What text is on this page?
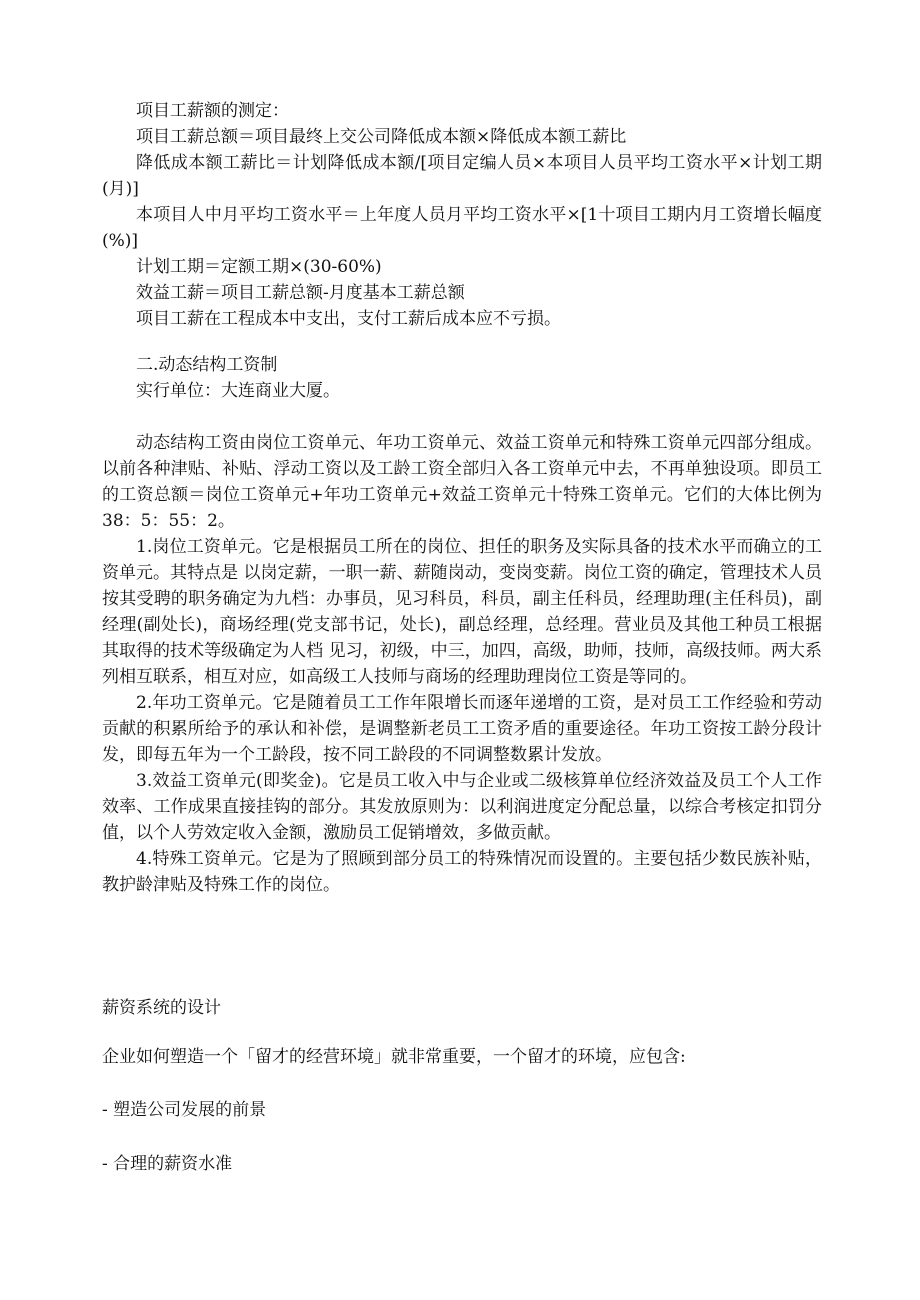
项目工薪额的测定：

项目工薪总额＝项目最终上交公司降低成本额×降低成本额工薪比

降低成本额工薪比＝计划降低成本额/[项目定编人员×本项目人员平均工资水平×计划工期(月)]

本项目人中月平均工资水平＝上年度人员月平均工资水平×[1十项目工期内月工资增长幅度(%)]

计划工期＝定额工期×(30-60%)

效益工薪＝项目工薪总额-月度基本工薪总额

项目工薪在工程成本中支出，支付工薪后成本应不亏损。

二.动态结构工资制

实行单位：大连商业大厦。

动态结构工资由岗位工资单元、年功工资单元、效益工资单元和特殊工资单元四部分组成。以前各种津贴、补贴、浮动工资以及工龄工资全部归入各工资单元中去，不再单独设项。即员工的工资总额＝岗位工资单元+年功工资单元+效益工资单元十特殊工资单元。它们的大体比例为 38：5：55：2。

1.岗位工资单元。它是根据员工所在的岗位、担任的职务及实际具备的技术水平而确立的工资单元。其特点是 以岗定薪，一职一薪、薪随岗动，变岗变薪。岗位工资的确定，管理技术人员按其受聘的职务确定为九档：办事员，见习科员，科员，副主任科员，经理助理(主任科员)，副经理(副处长)，商场经理(党支部书记，处长)，副总经理，总经理。营业员及其他工种员工根据其取得的技术等级确定为人档 见习，初级，中三，加四，高级，助师，技师，高级技师。两大系列相互联系，相互对应，如高级工人技师与商场的经理助理岗位工资是等同的。

2.年功工资单元。它是随着员工工作年限增长而逐年递增的工资，是对员工工作经验和劳动贡献的积累所给予的承认和补偿，是调整新老员工工资矛盾的重要途径。年功工资按工龄分段计发，即每五年为一个工龄段，按不同工龄段的不同调整数累计发放。

3.效益工资单元(即奖金)。它是员工收入中与企业或二级核算单位经济效益及员工个人工作效率、工作成果直接挂钩的部分。其发放原则为：以利润进度定分配总量，以综合考核定扣罚分值，以个人劳效定收入金额，激励员工促销增效，多做贡献。

4.特殊工资单元。它是为了照顾到部分员工的特殊情况而设置的。主要包括少数民族补贴，教护龄津贴及特殊工作的岗位。

薪资系统的设计
企业如何塑造一个「留才的经营环境」就非常重要，一个留才的环境，应包含:
- 塑造公司发展的前景
- 合理的薪资水准
